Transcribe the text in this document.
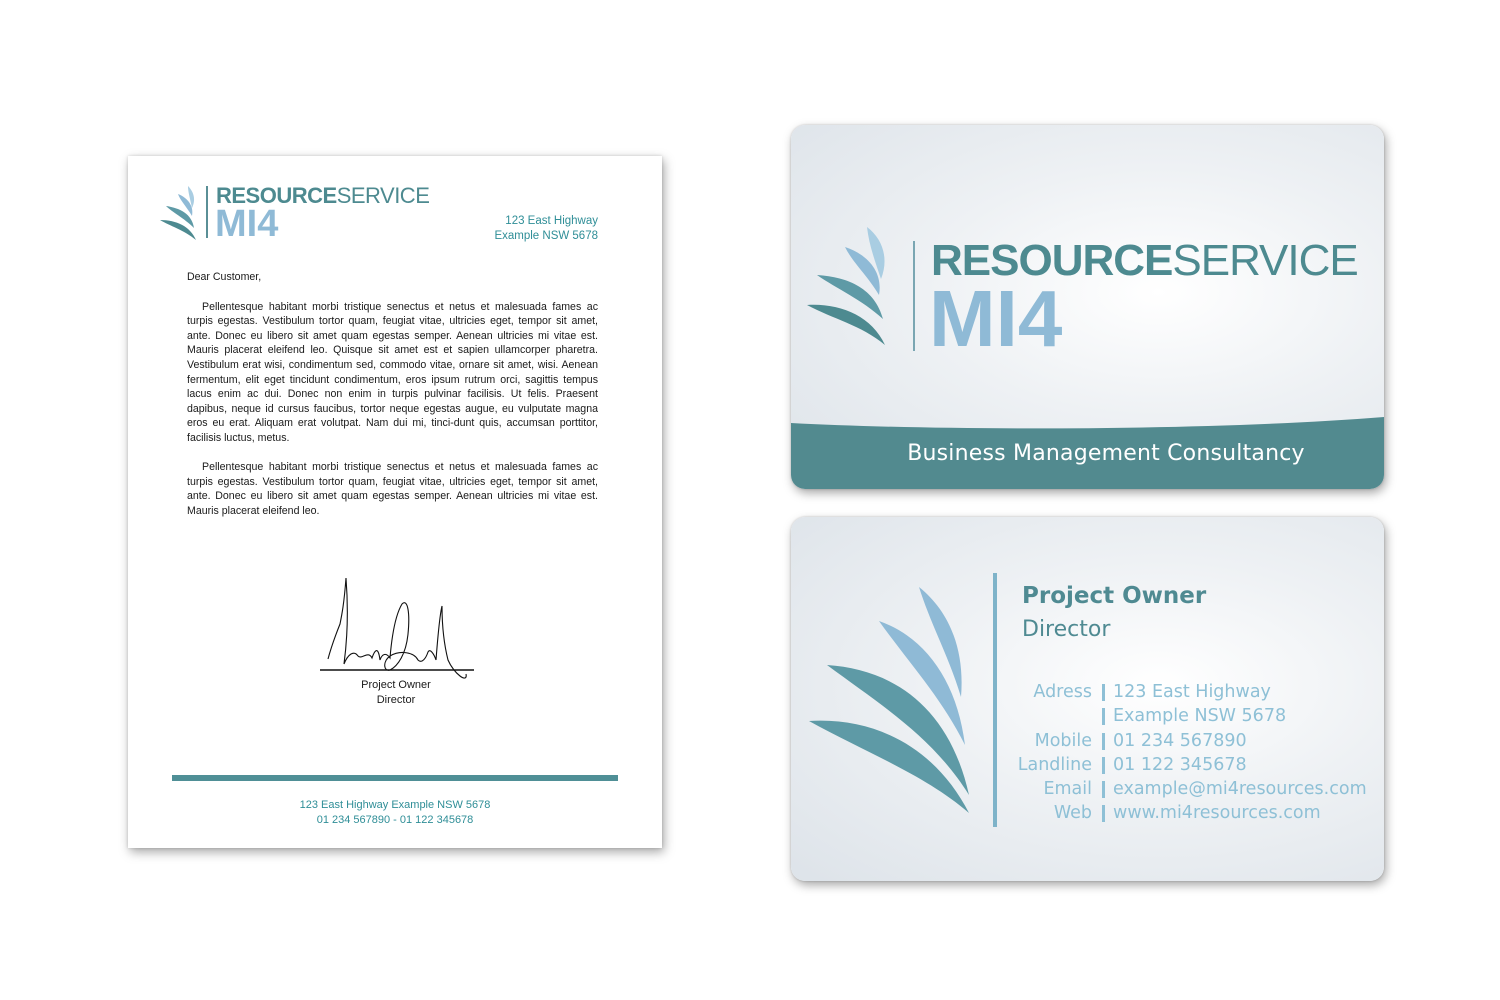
RESOURCESERVICE
MI4	123 East Highway
Example NSW 5678

Dear Customer,

Pellentesque habitant morbi tristique senectus et netus et malesuada fames ac turpis egestas. Vestibulum tortor quam, feugiat vitae, ultricies eget, tempor sit amet, ante. Donec eu libero sit amet quam egestas semper. Aenean ultricies mi vitae est. Mauris placerat eleifend leo. Quisque sit amet est et sapien ullamcorper pharetra. Vestibulum erat wisi, condimentum sed, commodo vitae, ornare sit amet, wisi. Aenean fermentum, elit eget tincidunt condimentum, eros ipsum rutrum orci, sagittis tempus lacus enim ac dui. Donec non enim in turpis pulvinar facilisis. Ut felis. Praesent dapibus, neque id cursus faucibus, tortor neque egestas augue, eu vulputate magna eros eu erat. Aliquam erat volutpat. Nam dui mi, tinci-dunt quis, accumsan porttitor, facilisis luctus, metus.

Pellentesque habitant morbi tristique senectus et netus et malesuada fames ac turpis egestas. Vestibulum tortor quam, feugiat vitae, ultricies eget, tempor sit amet, ante. Donec eu libero sit amet quam egestas semper. Aenean ultricies mi vitae est. Mauris placerat eleifend leo.

Project Owner
Director
123 East Highway Example NSW 5678
01 234 567890 - 01 122 345678
RESOURCESERVICE
MI4
Business Management Consultancy
Project Owner
Director
Adress 123 East Highway
Example NSW 5678
Mobile 01 234 567890
Landline 01 122 345678
Email example@mi4resources.com
Web www.mi4resources.com
